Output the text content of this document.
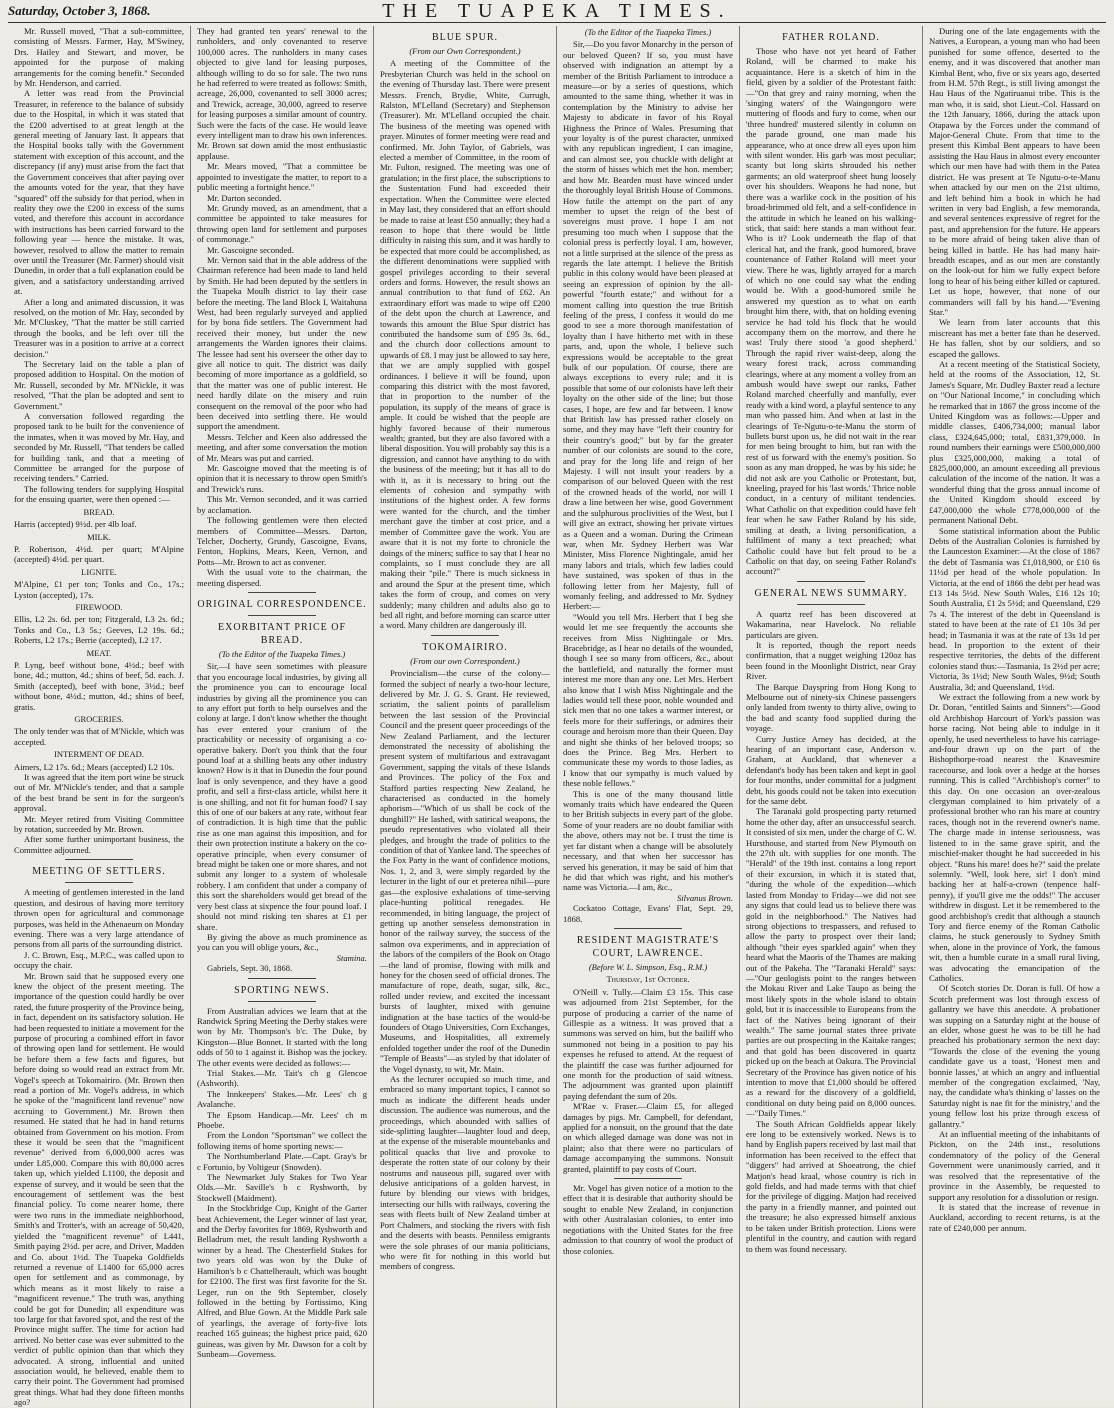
Saturday, October 3, 1868.	THE TUAPEKA TIMES.

Mr. Russell moved, "That a sub-committee, consisting of Messrs. Farmer, Hay, M'Swiney, Drs. Hailey and Stewart, and mover, be appointed for the purpose of making arrangements for the coming benefit." Seconded by Mr. Henderson, and carried.

A letter was read from the Provincial Treasurer, in reference to the balance of subsidy due to the Hospital, in which it was stated that the £200 advertised to at great length at the general meeting of January last. It appears that the Hospital books tally with the Government statement with exception of this account, and the discrepancy (if any) must arise from the fact that the Government conceives that after paying over the amounts voted for the year, that they have "squared" off the subsidy for that period, when in reality they owe the £200 in excess of the sums voted, and therefore this account in accordance with instructions has been carried forward to the following year — hence the mistake. It was, however, resolved to allow the matter to remain over until the Treasurer (Mr. Farmer) should visit Dunedin, in order that a full explanation could be given, and a satisfactory understanding arrived at.

After a long and animated discussion, it was resolved, on the motion of Mr. Hay, seconded by Mr. M'Cluskey, "That the matter be still carried through the books, and be left over till the Treasurer was in a position to arrive at a correct decision."

The Secretary laid on the table a plan of proposed addition to Hospital. On the motion of Mr. Russell, seconded by Mr. M'Nickle, it was resolved, "That the plan be adopted and sent to Government."

A conversation followed regarding the proposed tank to be built for the convenience of the inmates, when it was moved by Mr. Hay, and seconded by Mr. Russell, "That tenders be called for building tank, and that a meeting of Committee be arranged for the purpose of receiving tenders." Carried.

The following tenders for supplying Hospital for the ensuing quarter, were then opened :—

BREAD.

Harris (accepted) 9½d. per 4lb loaf.

MILK.

P. Robertson, 4½d. per quart; M'Alpine (accepted) 4½d. per quart.

LIGNITE.

M'Alpine, £1 per ton; Tonks and Co., 17s.; Lyston (accepted), 17s.

FIREWOOD.

Ellis, L2 2s. 6d. per ton; Fitzgerald, L3 2s. 6d.; Tonks and Co., L3 5s.; Geeves, L2 19s. 6d.; Roberts, L2 17s.; Berrie (accepted), L2 17.

MEAT.

P. Lyng, beef without bone, 4½d.; beef with bone, 4d.; mutton, 4d.; shins of beef, 5d. each. J. Smith (accepted), beef with bone, 3½d.; beef without bone, 4½d.; mutton, 4d.; shins of beef, gratis.

GROCERIES.

The only tender was that of M'Nickle, which was accepted.

INTERMENT OF DEAD.

Aimers, L2 17s. 6d.; Mears (accepted) L2 10s.

It was agreed that the item port wine be struck out of Mr. M'Nickle's tender, and that a sample of the best brand be sent in for the surgeon's approval.

Mr. Meyer retired from Visiting Committee by rotation, succeeded by Mr. Brown.

After some further unimportant business, the Committee adjourned.

MEETING OF SETTLERS.

A meeting of gentlemen interested in the land question, and desirous of having more territory thrown open for agricultural and commonage purposes, was held in the Athenaeum on Monday evening. There was a very large attendance of persons from all parts of the surrounding district.

J. C. Brown, Esq., M.P.C., was called upon to occupy the chair.

Mr. Brown said that he supposed every one knew the object of the present meeting. The importance of the question could hardly be over rated, the future prosperity of the Province being, in fact, dependent on its satisfactory solution. He had been requested to initiate a movement for the purpose of procuring a combined effort in favor of throwing open land for settlement. He would be before them a few facts and figures, but before doing so would read an extract from Mr. Vogel's speech at Tokomairiro. (Mr. Brown then read a portion of Mr. Vogel's address, in which he spoke of the "magnificent land revenue" now accruing to Government.) Mr. Brown then resumed. He stated that he had in hand returns obtained from Government on his motion. From these it would be seen that the "magnificent revenue" derived from 6,000,000 acres was under L85,000. Compare this with 80,000 acres taken up, which yielded L1100, the deposit and expense of survey, and it would be seen that the encouragement of settlement was the best financial policy. To come nearer home, there were two runs in the immediate neighborhood, Smith's and Trotter's, with an acreage of 50,420, yielded the "magnificent revenue" of L441, Smith paying 2½d. per acre, and Driver, Madden and Co. about 1½d. The Tuapeka Goldfields returned a revenue of L1400 for 65,000 acres open for settlement and as commonage, by which means as it most likely to raise a "magnificent revenue." The truth was, anything could be got for Dunedin; all expenditure was too large for that favored spot, and the rest of the Province might suffer. The time for action had arrived. No better case was ever submitted to the verdict of public opinion than that which they advocated. A strong, influential and united association would, he believed, enable them to carry their point. The Government had promised great things. What had they done fifteen months ago?

They had granted ten years' renewal to the runholders, and only covenanted to reserve 100,000 acres. The runholders in many cases objected to give land for leasing purposes, although willing to do so for sale. The two runs he had referred to were treated as follows: Smith, acreage, 26,000, covenanted to sell 3000 acres; and Trewick, acreage, 30,000, agreed to reserve for leasing purposes a similar amount of country. Such were the facts of the case. He would leave every intelligent man to draw his own inferences. Mr. Brown sat down amid the most enthusiastic applause.

Mr. Mears moved, "That a committee be appointed to investigate the matter, to report to a public meeting a fortnight hence."

Mr. Darton seconded.

Mr. Grundy moved, as an amendment, that a committee be appointed to take measures for throwing open land for settlement and purposes of commonage."

Mr. Gascoigne seconded.

Mr. Vernon said that in the able address of the Chairman reference had been made to land held by Smith. He had been deputed by the settlers in the Tuapeka Moulh district to lay their case before the meeting. The land Block I, Waitahuna West, had been regularly surveyed and applied for by bona fide settlers. The Government had received their money, but under the new arrangements the Warden ignores their claims. The lessee had sent his overseer the other day to give all notice to quit. The district was daily becoming of more importance as a goldfield, so that the matter was one of public interest. He need hardly dilate on the misery and ruin consequent on the removal of the poor who had been deceived into settling there. He would support the amendment.

Messrs. Telcher and Keen also addressed the meeting, and after some conversation the motion of Mr. Mears was put and carried.

Mr. Gascoigne moved that the meeting is of opinion that it is necessary to throw open Smith's and Trewick's runs.

This Mr. Vernon seconded, and it was carried by acclamation.

The following gentlemen were then elected members of Committee—Messrs. Darton, Telcher, Docherty, Grundy, Gascoigne, Evans, Fenton, Hopkins, Mears, Keen, Vernon, and Potts—Mr. Brown to act as convener.

With the usual vote to the chairman, the meeting dispersed.

ORIGINAL CORRESPONDENCE.
EXORBITANT PRICE OF BREAD.
(To the Editor of the Tuapeka Times.)

Sir,—I have seen sometimes with pleasure that you encourage local industries, by giving all the prominence you can to encourage local industries by giving all the prominence you can to any effort put forth to help ourselves and the colony at large. I don't know whether the thought has ever entered your cranium of the practicability or necessity of organising a co-operative bakery. Don't you think that the four pound loaf at a shilling beats any other industry known? How is it that in Dunedin the four pound loaf is only sevenpence, and they have a good profit, and sell a first-class article, whilst here it is one shilling, and not fit for human food? I say this of one of our bakers at any rate, without fear of contradiction. It is high time that the public rise as one man against this imposition, and for their own protection institute a bakery on the co-operative principle, when every consumer of bread might be taken one or more shares, and not submit any longer to a system of wholesale robbery. I am confident that under a company of this sort the shareholders would get bread of the very best class at sixpence the four pound loaf. I should not mind risking ten shares at £1 per share.

By giving the above as much prominence as you can you will oblige yours, &c.,

Stamina.

Gabriels, Sept. 30, 1868.

SPORTING NEWS.

From Australian advices we learn that at the Randwick Spring Meeting the Derby stakes were won by Mr. Thompson's b'c. The Duke, by Kingston—Blue Bonnet. It started with the long odds of 50 to 1 against it. Bishop was the jockey. The other events were decided as follows:—

Trial Stakes.—Mr. Tait's ch g Glencoe (Ashworth).

The Innkeepers' Stakes.—Mr. Lees' ch g Avalanche.

The Epsom Handicap.—Mr. Lees' ch m Phoebe.

From the London "Sportsman" we collect the following items of home sporting news:—

The Northumberland Plate.—Capt. Gray's br c Fortunio, by Voltigeur (Snowden).

The Newmarket July Stakes for Two Year Olds.—Mr. Saville's b c Ryshworth, by Stockwell (Maidment).

In the Stockbridge Cup, Knight of the Garter beat Achievement, the Leger winner of last year, and the Derby favorites for 1869, Ryshworth and Belladrum met, the result landing Ryshworth a winner by a head. The Chesterfield Stakes for two years old was won by the Duke of Hamilton's b c Chattelherault, which was bought for £2100. The first was first favorite for the St. Leger, run on the 9th September, closely followed in the betting by Fortissimo, King Alfred, and Blue Gown. At the Middle Park sale of yearlings, the average of forty-five lots reached 165 guineas; the highest price paid, 620 guineas, was given by Mr. Dawson for a colt by Sunbeam—Governess.

BLUE SPUR.
(From our Own Correspondent.)

A meeting of the Committee of the Presbyterian Church was held in the school on the evening of Thursday last. There were present Messrs. French, Brydie, White, Currugh, Ralston, M'Lelland (Secretary) and Stephenson (Treasurer). Mr. M'Lelland occupied the chair. The business of the meeting was opened with prayer. Minutes of former meeting were read and confirmed. Mr. John Taylor, of Gabriels, was elected a member of Committee, in the room of Mr. Fulton, resigned. The meeting was one of gratulation; in the first place, the subscriptions to the Sustentation Fund had exceeded their expectation. When the Committee were elected in May last, they considered that an effort should be made to raise at least £50 annually; they had a reason to hope that there would be little difficulty in raising this sum, and it was hardly to be expected that more could be accomplished, as the different denominations were supplied with gospel privileges according to their several orders and forms. However, the result shows an annual contribution to that fund of £62. An extraordinary effort was made to wipe off £200 of the debt upon the church at Lawrence, and towards this amount the Blue Spur district has contributed the handsome sum of £95 3s. 6d., and the church door collections amount to upwards of £8. I may just be allowed to say here, that we are amply supplied with gospel ordinances. I believe it will be found, upon comparing this district with the most favored, that in proportion to the number of the population, its supply of the means of grace is ample. It could be wished that the people are highly favored because of their numerous wealth; granted, but they are also favored with a liberal disposition. You will probably say this is a digression, and cannot have anything to do with the business of the meeting; but it has all to do with it, as it is necessary to bring out the elements of cohesion and sympathy with institutions of the highest order. A few forms were wanted for the church, and the timber merchant gave the timber at cost price, and a member of Committee gave the work. You are aware that it is not my forte to chronicle the doings of the miners; suffice to say that I hear no complaints, so I must conclude they are all making their "pile." There is much sickness in and around the Spur at the present time, which takes the form of croup, and comes on very suddenly; many children and adults also go to bed all right, and before morning can scarce utter a word. Many children are dangerously ill.

TOKOMAIRIRO.
(From our own Correspondent.)

Provincialism—the curse of the colony—formed the subject of nearly a two-hour lecture, delivered by Mr. J. G. S. Grant. He reviewed, scriatim, the salient points of parallelism between the last session of the Provincial Council and the present queer proceedings of the New Zealand Parliament, and the lecturer demonstrated the necessity of abolishing the present system of multifarious and extravagant Government, sapping the vitals of these Islands and Provinces. The policy of the Fox and Stafford parties respecting New Zealand, he characterised as conducted in the homely aphorism—"Which of us shall be cock of the dunghill?" He lashed, with satirical weapons, the pseudo representatives who violated all their pledges, and brought the trade of politics to the condition of that of Yankee land. The speeches of the Fox Party in the want of confidence motions, Nos. 1, 2, and 3, were simply regarded by the lecturer in the light of our et preterea nihil—pure gas—the explosive exhalations of time-serving place-hunting political renegades. He recommended, in biting language, the project of getting up another senseless demonstration in honor of the railway survey, the success of the salmon ova experiments, and in appreciation of the labors of the compilers of the Book on Otago—the land of promise, flowing with milk and honey for the chosen seed of official drones. The manufacture of rope, death, sugar, silk, &c., rolled under review, and excited the incessant bursts of laughter, mixed with genuine indignation at the base tactics of the would-be founders of Otago Universities, Corn Exchanges, Museums, and Hospitalities, all extremely enfolded together under the roof of the Dunedin "Temple of Beasts"—as styled by that idolater of the Vogel dynasty, to wit, Mr. Main.

As the lecturer occupied so much time, and embraced so many important topics, I cannot so much as indicate the different heads under discussion. The audience was numerous, and the proceedings, which abounded with sallies of side-splitting laughter—laughter loud and deep, at the expense of the miserable mountebanks and political quacks that live and provoke to desperate the rotten state of our colony by their nostrums and nauseous pill, sugared over with delusive anticipations of a golden harvest, in future by blending our views with bridges, intersecting our hills with railways, covering the seas with fleets built of New Zealand timber at Port Chalmers, and stocking the rivers with fish and the deserts with beasts. Penniless emigrants were the sole phrases of our mania politicians, who were fit for nothing in this world but members of congress.

(To the Editor of the Tuapeka Times.)

Sir,—Do you favor Monarchy in the person of our beloved Queen? If so, you must have observed with indignation an attempt by a member of the British Parliament to introduce a measure—or by a series of questions, which amounted to the same thing, whether it was in contemplation by the Ministry to advise her Majesty to abdicate in favor of his Royal Highness the Prince of Wales. Presuming that your loyalty is of the purest character, unmixed with any republican ingredient, I can imagine, and can almost see, you chuckle with delight at the storm of hisses which met the hon. member; and how Mr. Bearden must have winced under the thoroughly loyal British House of Commons. How futile the attempt on the part of any member to upset the reign of the best of sovereigns must prove. I hope I am not presuming too much when I suppose that the colonial press is perfectly loyal. I am, however, not a little surprised at the silence of the press as regards the late attempt. I believe the British public in this colony would have been pleased at seeing an expression of opinion by the all-powerful "fourth estate;" and without for a moment calling into question the true British feeling of the press, I confess it would do me good to see a more thorough manifestation of loyalty than I have hitherto met with in these parts, and, upon the whole, I believe such expressions would be acceptable to the great bulk of our population. Of course, there are always exceptions to every rule; and it is possible that some of our colonists have left their loyalty on the other side of the line; but those cases, I hope, are few and far between. I know that British law has pressed rather closely on some, and they may have "left their country for their country's good;" but by far the greater number of our colonists are sound to the core, and pray for the long life and reign of her Majesty. I will not insult your readers by a comparison of our beloved Queen with the rest of the crowned heads of the world, nor will I draw a line between her wise, good Government and the sulphurous proclivities of the West, but I will give an extract, showing her private virtues as a Queen and a woman. During the Crimean war, when Mr. Sydney Herbert was War Minister, Miss Florence Nightingale, amid her many labors and trials, which few ladies could have sustained, was spoken of thus in the following letter from her Majesty, full of womanly feeling, and addressed to Mr. Sydney Herbert:—

"Would you tell Mrs. Herbert that I beg she would let me see frequently the accounts she receives from Miss Nightingale or Mrs. Bracebridge, as I hear no details of the wounded, though I see so many from officers, &c., about the battlefield, and naturally the former must interest me more than any one. Let Mrs. Herbert also know that I wish Miss Nightingale and the ladies would tell these poor, noble wounded and sick men that no one takes a warmer interest, or feels more for their sufferings, or admires their courage and heroism more than their Queen. Day and night she thinks of her beloved troops; so does the Prince. Beg Mrs. Herbert to communicate these my words to those ladies, as I know that our sympathy is much valued by these noble fellows."

This is one of the many thousand little womanly traits which have endeared the Queen to her British subjects in every part of the globe. Some of your readers are no doubt familiar with the above, others may not be. I trust the time is yet far distant when a change will be absolutely necessary, and that when her successor has served his generation, it may be said of him that he did that which was right, and his mother's name was Victoria.—I am, &c.,

Silvanus Brown.

Cockatoo Cottage, Evans' Flat, Sept. 29, 1868.

RESIDENT MAGISTRATE'S COURT, LAWRENCE.
(Before W. L. Simpson, Esq., R.M.)
Thursday, 1st October.

O'Neill v. Tully.—Claim £3 15s. This case was adjourned from 21st September, for the purpose of producing a carrier of the name of Gillespie as a witness. It was proved that a summons was served on him, but the bailiff who summoned not being in a position to pay his expenses he refused to attend. At the request of the plaintiff the case was further adjourned for one month for the production of said witness. The adjournment was granted upon plaintiff paying defendant the sum of 20s.

M'Rae v. Fraser.—Claim £5, for alleged damages by pigs. Mr. Campbell, for defendant, applied for a nonsuit, on the ground that the date on which alleged damage was done was not in plaint; also that there were no particulars of damage accompanying the summons. Nonsuit granted, plaintiff to pay costs of Court.

Mr. Vogel has given notice of a motion to the effect that it is desirable that authority should be sought to enable New Zealand, in conjunction with other Australasian colonies, to enter into negotiations with the United States for the free admission to that country of wool the product of those colonies.

FATHER ROLAND.

Those who have not yet heard of Father Roland, will be charmed to make his acquaintance. Here is a sketch of him in the field, given by a soldier of the Protestant faith:—"On that grey and rainy morning, when the 'singing waters' of the Waingongoro were muttering of floods and fury to come, when our 'three hundred' mustered silently in column on the parade ground, one man made his appearance, who at once drew all eyes upon him with silent wonder. His garb was most peculiar; scanty but long skirts shrouded his nether garments; an old waterproof sheet hung loosely over his shoulders. Weapons he had none, but there was a warlike cock in the position of his broad-brimmed old felt, and a self-confidence in the attitude in which he leaned on his walking-stick, that said: here stands a man without fear. Who is it? Look underneath the flap of that clerical hat, and the frank, good humored, brave countenance of Father Roland will meet your view. There he was, lightly arrayed for a march of which no one could say what the ending would be. With a good-humored smile he answered my question as to what on earth brought him there, with, that on holding evening service he had told his flock that he would accompany them on the morrow, and there he was! Truly there stood 'a good shepherd.' Through the rapid river waist-deep, along the weary forest track, across commanding clearings, where at any moment a volley from an ambush would have swept our ranks, Father Roland marched cheerfully and manfully, ever ready with a kind word, a playful sentence to any man who passed him. And when at last in the clearings of Te-Ngutu-o-te-Manu the storm of bullets burst upon us, he did not wait in the rear for men being brought to him, but ran with the rest of us forward with the enemy's position. So soon as any man dropped, he was by his side; he did not ask are you Catholic or Protestant, but, kneeling, prayed for his 'last words.' Thrice noble conduct, in a century of militant tendencies. What Catholic on that expedition could have felt fear when he saw Father Roland by his side, smiling at death, a living personification, a fulfilment of many a text preached; what Catholic could have but felt proud to be a Catholic on that day, on seeing Father Roland's account?"

GENERAL NEWS SUMMARY.

A quartz reef has been discovered at Wakamarina, near Havelock. No reliable particulars are given.

It is reported, though the report needs confirmation, that a nugget weighing 120oz has been found in the Moonlight District, near Gray River.

The Barque Dayspring from Hong Kong to Melbourne out of ninety-six Chinese passengers only landed from twenty to thirty alive, owing to the bad and scanty food supplied during the voyage.

Curry Justice Arney has decided, at the hearing of an important case, Anderson v. Graham, at Auckland, that whenever a defendant's body has been taken and kept in gaol for four months, under committal for a judgment debt, his goods could not be taken into execution for the same debt.

The Taranaki gold prospecting party returned home the other day, after an unsuccessful search. It consisted of six men, under the charge of C. W. Hursthouse, and started from New Plymouth on the 27th ult. with supplies for one month. The "Herald" of the 19th inst. contains a long report of their excursion, in which it is stated that, "during the whole of the expedition—which lasted from Monday to Friday—we did not see any signs that could lead us to believe there was gold in the neighborhood." The Natives had strong objections to trespassers, and refused to allow the party to prospect over their land; although "their eyes sparkled again" when they heard what the Maoris of the Thames are making out of the Pakeha. The "Taranaki Herald" says:—"Our geologists point to the ranges between the Mokau River and Lake Taupo as being the most likely spots in the whole island to obtain gold, but it is inaccessible to Europeans from the fact of the Natives being ignorant of their wealth." The same journal states three private parties are out prospecting in the Kaitake ranges; and that gold has been discovered in quartz picked up on the beach at Oakura. The Provincial Secretary of the Province has given notice of his intention to move that £1,000 should be offered as a reward for the discovery of a goldfield, conditional on duty being paid on 8,000 ounces.—"Daily Times."

The South African Goldfields appear likely ere long to be extensively worked. News is to hand by English papers received by last mail that information has been received to the effect that "diggers" had arrived at Shoeatrong, the chief Matjon's head kraal, whose country is rich in gold fields, and had made terms with that chief for the privilege of digging. Matjon had received the party in a friendly manner, and pointed out the treasure; he also expressed himself anxious to be taken under British protection. Lions were plentiful in the country, and caution with regard to them was found necessary.

During one of the late engagements with the Natives, a European, a young man who had been punished for some offence, deserted to the enemy, and it was discovered that another man Kimbal Bent, who, five or six years ago, deserted from H.M. 57th Regt., is still living amongst the Hau Haus of the Ngatiruanui tribe. This is the man who, it is said, shot Lieut.-Col. Hassard on the 12th January, 1866, during the attack upon Otapawa by the Forces under the command of Major-General Chute. From that time to the present this Kimbal Bent appears to have been assisting the Hau Haus in almost every encounter which our men have had with them in the Patea district. He was present at Te Ngutu-o-te-Manu when attacked by our men on the 21st ultimo, and left behind him a book in which he had written in very bad English, a few memoranda, and several sentences expressive of regret for the past, and apprehension for the future. He appears to be more afraid of being taken alive than of being killed in battle. He has had many hair-breadth escapes, and as our men are constantly on the look-out for him we fully expect before long to hear of his being either killed or captured. Let us hope, however, that none of our commanders will fall by his hand.—"Evening Star."

We learn from later accounts that this miscreant has met a better fate than he deserved. He has fallen, shot by our soldiers, and so escaped the gallows.

At a recent meeting of the Statistical Society, held at the rooms of the Association, 12, St. James's Square, Mr. Dudley Baxter read a lecture on "Our National Income," in concluding which he remarked that in 1867 the gross income of the United Kingdom was as follows:—Upper and middle classes, £406,734,000; manual labor class, £324,645,000; total, £831,379,000. In round numbers their earnings were £500,000,000 plus £325,000,000, making a total of £825,000,000, an amount exceeding all previous calculation of the income of the nation. It was a wonderful thing that the gross annual income of the United Kingdom should exceed by £47,000,000 the whole £778,000,000 of the permanent National Debt.

Some statistical information about the Public Debts of the Australian Colonies is furnished by the Launceston Examiner:—At the close of 1867 the debt of Tasmania was £1,018,900, or £10 6s 11½d per head of the whole population. In Victoria, at the end of 1866 the debt per head was £13 14s 5½d. New South Wales, £16 12s 10; South Australia, £1 2s 5½d; and Queensland, £29 7s 4. The interest of the debt in Queensland is stated to have been at the rate of £1 10s 3d per head; in Tasmania it was at the rate of 13s 1d per head. In proportion to the extent of their respective territories, the debts of the different colonies stand thus:—Tasmania, 1s 2½d per acre; Victoria, 3s 1½d; New South Wales, 9½d; South Australia, 3d; and Queensland, 1½d.

We extract the following from a new work by Dr. Doran, "entitled Saints and Sinners":—Good old Archbishop Harcourt of York's passion was horse racing. Not being able to indulge in it openly, he used nevertheless to have his carriage-and-four drawn up on the part of the Bishopthorpe-road nearest the Knavesmire racecourse, and look over a hedge at the horses running. This is called "Archbishop's corner" to this day. On one occasion an over-zealous clergyman complained to him privately of a professional brother who ran his mare at country races, though not in the reverend owner's name. The charge made in intense seriousness, was listened to in the same grave spirit, and the mischief-maker thought he had succeeded in his object. "Runs his mare! does he?" said the prelate solemnly. "Well, look here, sir! I don't mind backing her at half-a-crown (tenpence half-penny), if you'll give me the odds!" The accuser withdrew in disgust. Let it be remembered to the good archbishop's credit that although a staunch Tory and fierce enemy of the Roman Catholic claims, he stuck generously to Sydney Smith when, alone in the province of York, the famous wit, then a humble curate in a small rural living, was advocating the emancipation of the Catholics.

Of Scotch stories Dr. Doran is full. Of how a Scotch preferment was lost through excess of gallantry we have this anecdote. A probationer was supping on a Saturday night at the house of an elder, whose guest he was to be till he had preached his probationary sermon the next day: "Towards the close of the evening the young candidate gave us a toast, 'Honest men and bonnie lasses,' at which an angry and influential member of the congregation exclaimed, 'Nay, nay, the candidate wha's thinking o' lasses on the Saturday night is nae fit for the ministry,' and the young fellow lost his prize through excess of gallantry."

At an influential meeting of the inhabitants of Pickton, on the 24th inst., resolutions condemnatory of the policy of the General Government were unanimously carried, and it was resolved that the representative of the province in the Assembly, be requested to support any resolution for a dissolution or resign.

It is stated that the increase of revenue in Auckland, according to recent returns, is at the rate of £240,000 per annum.
